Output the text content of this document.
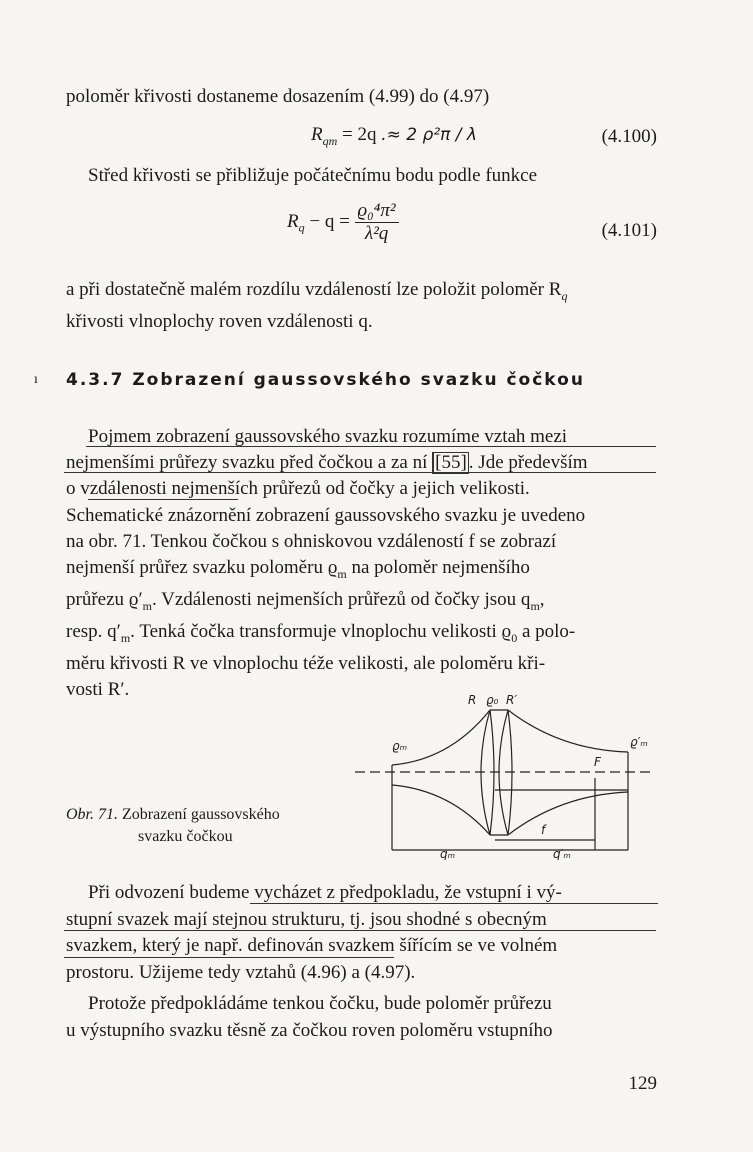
poloměr křivosti dostaneme dosazením (4.99) do (4.97)

$R_{qm} = 2q$ .≈ 2 ρ²π / λ	(4.100)

Střed křivosti se přibližuje počátečnímu bodu podle funkce

$R_q - q = \frac{\text{ϱ₀⁴π²}}{\text{λ²q}}$	(4.101)

a při dostatečně malém rozdílu vzdáleností lze položit poloměr $R_q$
křivosti vlnoplochy roven vzdálenosti q.

ı 4.3.7 Zobrazení gaussovského svazku čočkou
Pojmem zobrazení gaussovského svazku rozumíme vztah mezi
nejmenšími průřezy svazku před čočkou a za ní [55] . Jde především
o vzdálenosti nejmenších průřezů od čočky a jejich velikosti.
Schematické znázornění zobrazení gaussovského svazku je uvedeno
na obr. 71. Tenkou čočkou s ohniskovou vzdáleností f se zobrazí
nejmenší průřez svazku poloměru $ϱ_m$ na poloměr nejmenšího
průřezu $ϱ'_m$. Vzdálenosti nejmenších průřezů od čočky jsou $q_m$,
resp. $q'_m$. Tenká čočka transformuje vlnoplochu velikosti $ϱ_0$ a polo-
měru křivosti R ve vlnoplochu téže velikosti, ale poloměru kři-
vosti R′.	R ϱ₀ R′
ϱₘ	ϱ′ₘ
F
f
qₘ	q′ₘ
Obr. 71. Zobrazení gaussovského
svazku čočkou
Při odvození budeme vycházet z předpokladu, že vstupní i vý-
stupní svazek mají stejnou strukturu, tj. jsou shodné s obecným
svazkem, který je např. definován svazkem šířícím se ve volném
prostoru. Užijeme tedy vztahů (4.96) a (4.97).
Protože předpokládáme tenkou čočku, bude poloměr průřezu
u výstupního svazku těsně za čočkou roven poloměru vstupního
129
